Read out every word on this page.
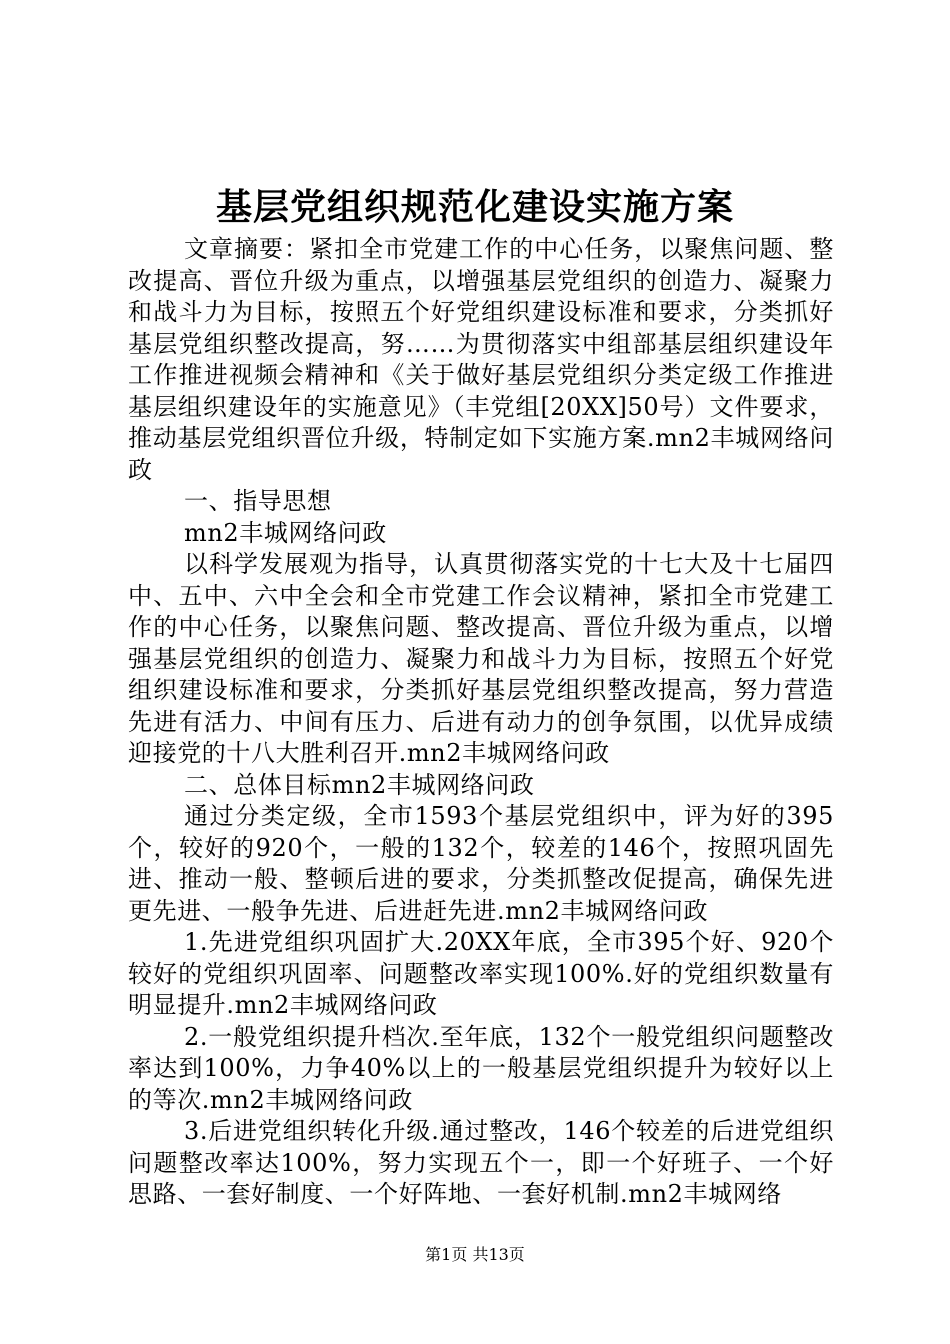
基层党组织规范化建设实施方案

文章摘要：紧扣全市党建工作的中心任务，以聚焦问题、整改提高、晋位升级为重点，以增强基层党组织的创造力、凝聚力和战斗力为目标，按照五个好党组织建设标准和要求，分类抓好基层党组织整改提高，努……为贯彻落实中组部基层组织建设年工作推进视频会精神和《关于做好基层党组织分类定级工作推进基层组织建设年的实施意见》（丰党组[20XX]50号）文件要求，推动基层党组织晋位升级，特制定如下实施方案.mn2丰城网络问政

一、指导思想

mn2丰城网络问政

以科学发展观为指导，认真贯彻落实党的十七大及十七届四中、五中、六中全会和全市党建工作会议精神，紧扣全市党建工作的中心任务，以聚焦问题、整改提高、晋位升级为重点，以增强基层党组织的创造力、凝聚力和战斗力为目标，按照五个好党组织建设标准和要求，分类抓好基层党组织整改提高，努力营造先进有活力、中间有压力、后进有动力的创争氛围，以优异成绩迎接党的十八大胜利召开.mn2丰城网络问政

二、总体目标mn2丰城网络问政

通过分类定级，全市1593个基层党组织中，评为好的395个，较好的920个，一般的132个，较差的146个，按照巩固先进、推动一般、整顿后进的要求，分类抓整改促提高，确保先进更先进、一般争先进、后进赶先进.mn2丰城网络问政

1.先进党组织巩固扩大.20XX年底，全市395个好、920个较好的党组织巩固率、问题整改率实现100%.好的党组织数量有明显提升.mn2丰城网络问政

2.一般党组织提升档次.至年底，132个一般党组织问题整改率达到100%，力争40%以上的一般基层党组织提升为较好以上的等次.mn2丰城网络问政

3.后进党组织转化升级.通过整改，146个较差的后进党组织问题整改率达100%，努力实现五个一，即一个好班子、一个好思路、一套好制度、一个好阵地、一套好机制.mn2丰城网络

第1页 共13页
